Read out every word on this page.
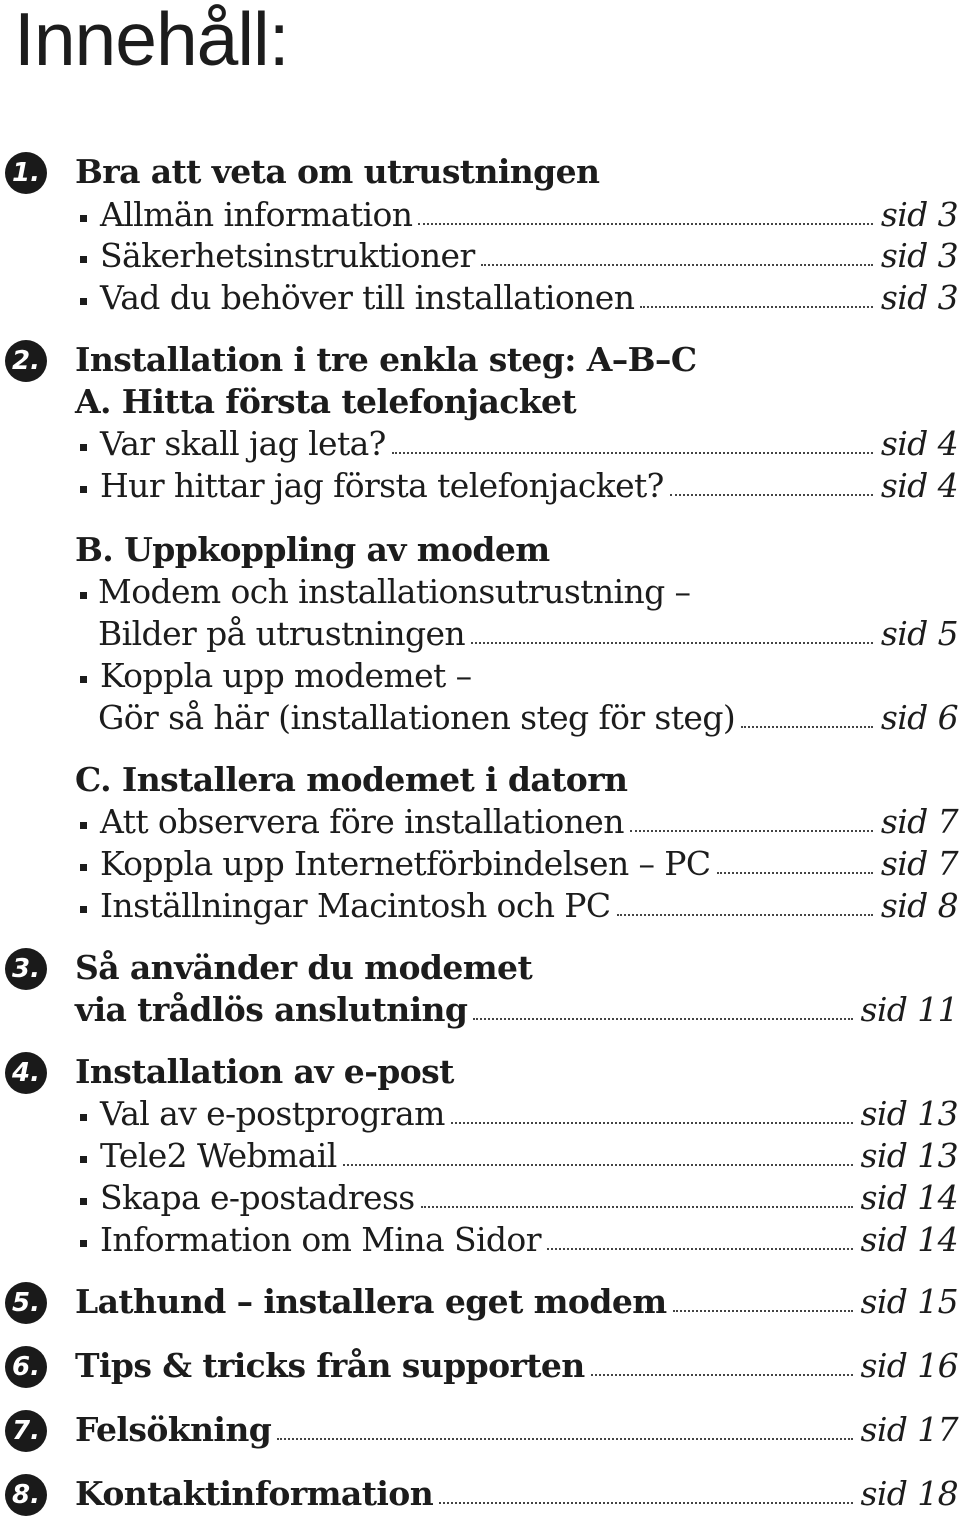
Innehåll:
1. Bra att veta om utrustningen
Allmän information	sid 3
Säkerhetsinstruktioner	sid 3
Vad du behöver till installationen	sid 3
2. Installation i tre enkla steg: A–B–C
A. Hitta första telefonjacket
Var skall jag leta?	sid 4
Hur hittar jag första telefonjacket?	sid 4
B. Uppkoppling av modem
Modem och installationsutrustning –
Bilder på utrustningen	sid 5
Koppla upp modemet –
Gör så här (installationen steg för steg)	sid 6
C. Installera modemet i datorn
Att observera före installationen	sid 7
Koppla upp Internetförbindelsen – PC	sid 7
Inställningar Macintosh och PC	sid 8
3. Så använder du modemet
via trådlös anslutning	sid 11
4. Installation av e-post
Val av e-postprogram	sid 13
Tele2 Webmail	sid 13
Skapa e-postadress	sid 14
Information om Mina Sidor	sid 14
5. Lathund – installera eget modem	sid 15
6. Tips & tricks från supporten	sid 16
7. Felsökning	sid 17
8. Kontaktinformation	sid 18
